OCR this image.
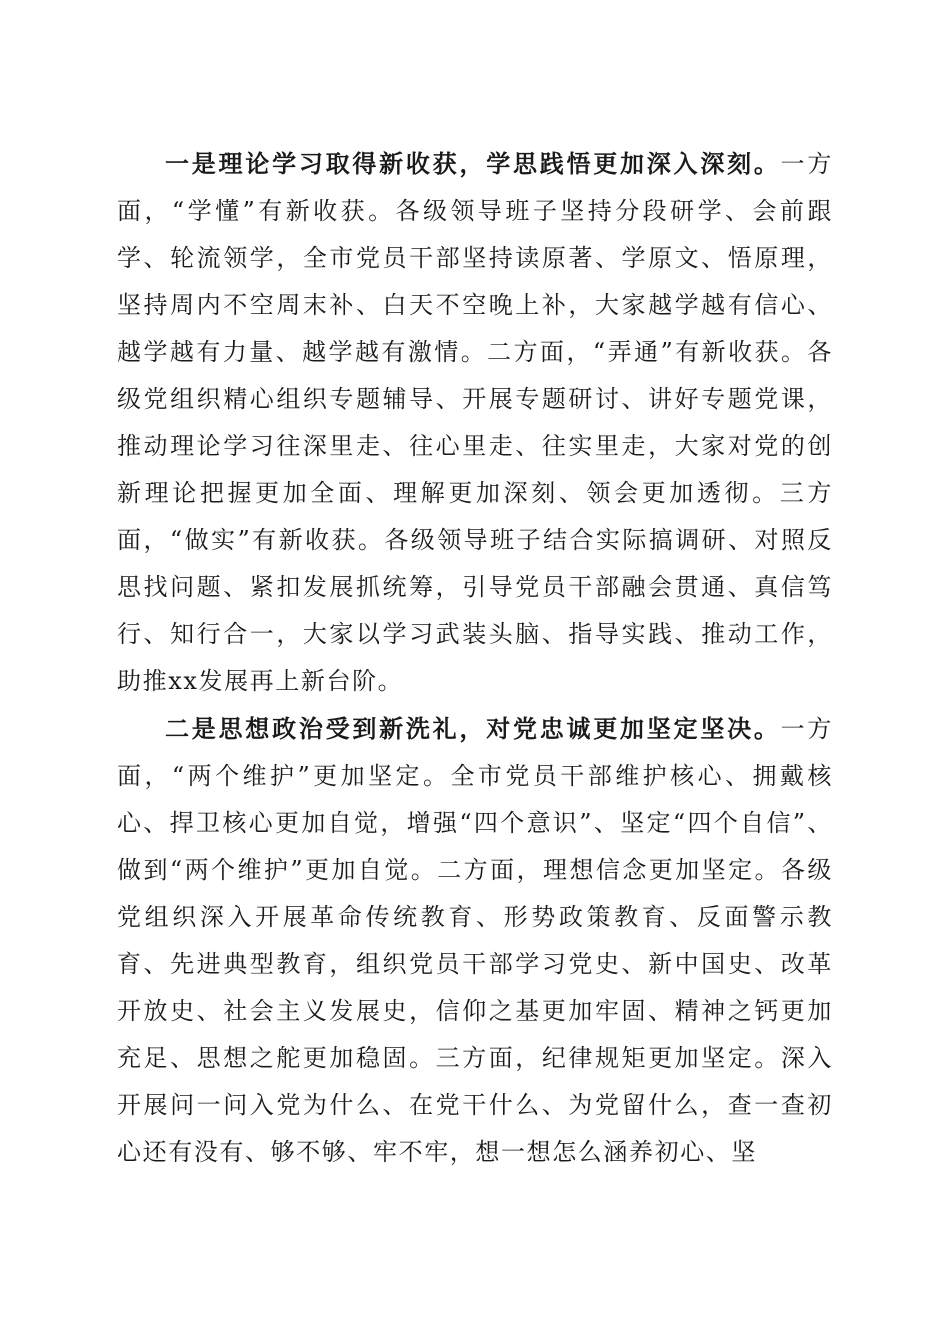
一是理论学习取得新收获，学思践悟更加深入深刻。一方面，“学懂”有新收获。各级领导班子坚持分段研学、会前跟学、轮流领学，全市党员干部坚持读原著、学原文、悟原理，坚持周内不空周末补、白天不空晚上补，大家越学越有信心、越学越有力量、越学越有激情。二方面，“弄通”有新收获。各级党组织精心组织专题辅导、开展专题研讨、讲好专题党课，推动理论学习往深里走、往心里走、往实里走，大家对党的创新理论把握更加全面、理解更加深刻、领会更加透彻。三方面，“做实”有新收获。各级领导班子结合实际搞调研、对照反思找问题、紧扣发展抓统筹，引导党员干部融会贯通、真信笃行、知行合一，大家以学习武装头脑、指导实践、推动工作，助推xx发展再上新台阶。

二是思想政治受到新洗礼，对党忠诚更加坚定坚决。一方面，“两个维护”更加坚定。全市党员干部维护核心、拥戴核心、捍卫核心更加自觉，增强“四个意识”、坚定“四个自信”、做到“两个维护”更加自觉。二方面，理想信念更加坚定。各级党组织深入开展革命传统教育、形势政策教育、反面警示教育、先进典型教育，组织党员干部学习党史、新中国史、改革开放史、社会主义发展史，信仰之基更加牢固、精神之钙更加充足、思想之舵更加稳固。三方面，纪律规矩更加坚定。深入开展问一问入党为什么、在党干什么、为党留什么，查一查初心还有没有、够不够、牢不牢，想一想怎么涵养初心、坚
